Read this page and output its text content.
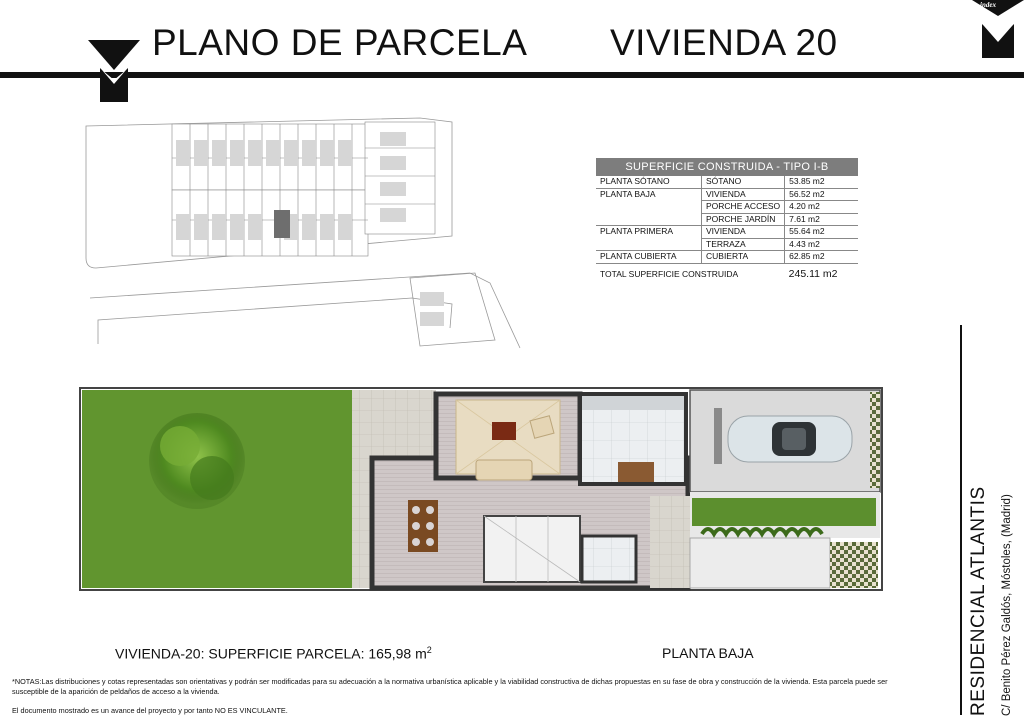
PLANO DE PARCELA VIVIENDA 20
index
SUPERFICIE CONSTRUIDA - TIPO I-B
PLANTA SÓTANO	SÓTANO	53.85 m2
PLANTA BAJA	VIVIENDA	56.52 m2
	PORCHE ACCESO	4.20 m2
	PORCHE JARDÍN	7.61 m2
PLANTA PRIMERA	VIVIENDA	55.64 m2
	TERRAZA	4.43 m2
PLANTA CUBIERTA	CUBIERTA	62.85 m2
TOTAL SUPERFICIE CONSTRUIDA		245.11 m2
VIVIENDA-20: SUPERFICIE PARCELA: 165,98 $m^2$	PLANTA BAJA
*NOTAS:Las distribuciones y cotas representadas son orientativas y podrán ser modificadas para su adecuación a la normativa urbanística aplicable y la viabilidad constructiva de dichas propuestas en su fase de obra y construcción de la vivienda. Esta parcela puede ser susceptible de la aparición de peldaños de acceso a la vivienda.
El documento mostrado es un avance del proyecto y por tanto NO ES VINCULANTE.	RESIDENCIAL ATLANTIS C/ Benito Pérez Galdós, Móstoles, (Madrid)
